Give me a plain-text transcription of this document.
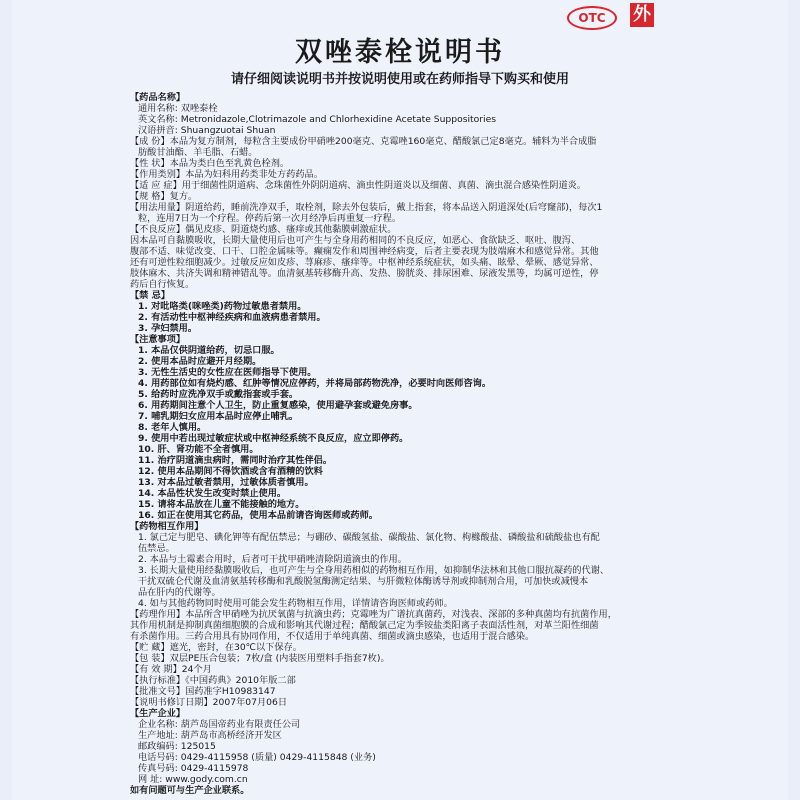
OTC	外
双唑泰栓说明书
请仔细阅读说明书并按说明使用或在药师指导下购买和使用
【药品名称】
通用名称: 双唑泰栓
英文名称: Metronidazole,Clotrimazole and Chlorhexidine Acetate Suppositories
汉语拼音: Shuangzuotai Shuan
【成 份】本品为复方制剂，每粒含主要成份甲硝唑200毫克、克霉唑160毫克、醋酸氯己定8毫克。辅料为半合成脂
肪酸甘油酯、羊毛脂、石蜡。
【性 状】本品为类白色至乳黄色栓剂。
【作用类别】本品为妇科用药类非处方药药品。
【适 应 症】用于细菌性阴道病、念珠菌性外阴阴道病、滴虫性阴道炎以及细菌、真菌、滴虫混合感染性阴道炎。
【规 格】复方。
【用法用量】阴道给药，睡前洗净双手，取栓剂，除去外包装后，戴上指套，将本品送入阴道深处(后穹窿部)，每次1
粒，连用7日为一个疗程。停药后第一次月经净后再重复一疗程。
【不良反应】偶见皮疹、阴道烧灼感、瘙痒或其他黏膜刺激症状。
因本品可自黏膜吸收，长期大量使用后也可产生与全身用药相同的不良反应，如恶心、食欲缺乏、呕吐、腹泻、
腹部不适、味觉改变、口干、口腔金属味等。癫痫发作和周围神经病变，后者主要表现为肢端麻木和感觉异常。其他
还有可逆性粒细胞减少。过敏反应如皮疹、荨麻疹、瘙痒等。中枢神经系统症状，如头痛、眩晕、晕厥、感觉异常、
肢体麻木、共济失调和精神错乱等。血清氨基转移酶升高、发热、膀胱炎、排尿困难、尿液发黑等，均属可逆性，停
药后自行恢复。
【禁 忌】
1. 对吡咯类(咪唑类)药物过敏患者禁用。
2. 有活动性中枢神经疾病和血液病患者禁用。
3. 孕妇禁用。
【注意事项】
1. 本品仅供阴道给药，切忌口服。
2. 使用本品时应避开月经期。
3. 无性生活史的女性应在医师指导下使用。
4. 用药部位如有烧灼感、红肿等情况应停药，并将局部药物洗净，必要时向医师咨询。
5. 给药时应洗净双手或戴指套或手套。
6. 用药期间注意个人卫生，防止重复感染，使用避孕套或避免房事。
7. 哺乳期妇女应用本品时应停止哺乳。
8. 老年人慎用。
9. 使用中若出现过敏症状或中枢神经系统不良反应，应立即停药。
10. 肝、肾功能不全者慎用。
11. 治疗阴道滴虫病时，需同时治疗其性伴侣。
12. 使用本品期间不得饮酒或含有酒精的饮料
13. 对本品过敏者禁用，过敏体质者慎用。
14. 本品性状发生改变时禁止使用。
15. 请将本品放在儿童不能接触的地方。
16. 如正在使用其它药品，使用本品前请咨询医师或药师。
【药物相互作用】
1. 氯己定与肥皂、碘化钾等有配伍禁忌；与硼砂、碳酸氢盐、碳酸盐、氯化物、枸橼酸盐、磷酸盐和硫酸盐也有配
伍禁忌。
2. 本品与土霉素合用时，后者可干扰甲硝唑清除阴道滴虫的作用。
3. 长期大量使用经黏膜吸收后，也可产生与全身用药相似的药物相互作用，如抑制华法林和其他口服抗凝药的代谢、
干扰双硫仑代谢及血清氨基转移酶和乳酸脱氢酶测定结果、与肝微粒体酶诱导剂或抑制剂合用，可加快或减慢本
品在肝内的代谢等。
4. 如与其他药物同时使用可能会发生药物相互作用，详情请咨询医师或药师。
【药理作用】本品所含甲硝唑为抗厌氧菌与抗滴虫药；克霉唑为广谱抗真菌药，对浅表、深部的多种真菌均有抗菌作用，
其作用机制是抑制真菌细胞膜的合成和影响其代谢过程；醋酸氯己定为季铵盐类阳离子表面活性剂，对革兰阳性细菌
有杀菌作用。三药合用具有协同作用，不仅适用于单纯真菌、细菌或滴虫感染，也适用于混合感染。
【贮 藏】遮光，密封，在30℃以下保存。
【包 装】双层PE压合包装；7枚/盒 (内装医用塑料手指套7枚)。
【有 效 期】24个月
【执行标准】《中国药典》2010年版二部
【批准文号】国药准字H10983147
【说明书修订日期】2007年07月06日
【生产企业】
企业名称: 葫芦岛国帝药业有限责任公司
生产地址: 葫芦岛市高桥经济开发区
邮政编码: 125015
电话号码: 0429-4115958 (质量) 0429-4115848 (业务)
传真号码: 0429-4115978
网 址: www.gody.com.cn
如有问题可与生产企业联系。
